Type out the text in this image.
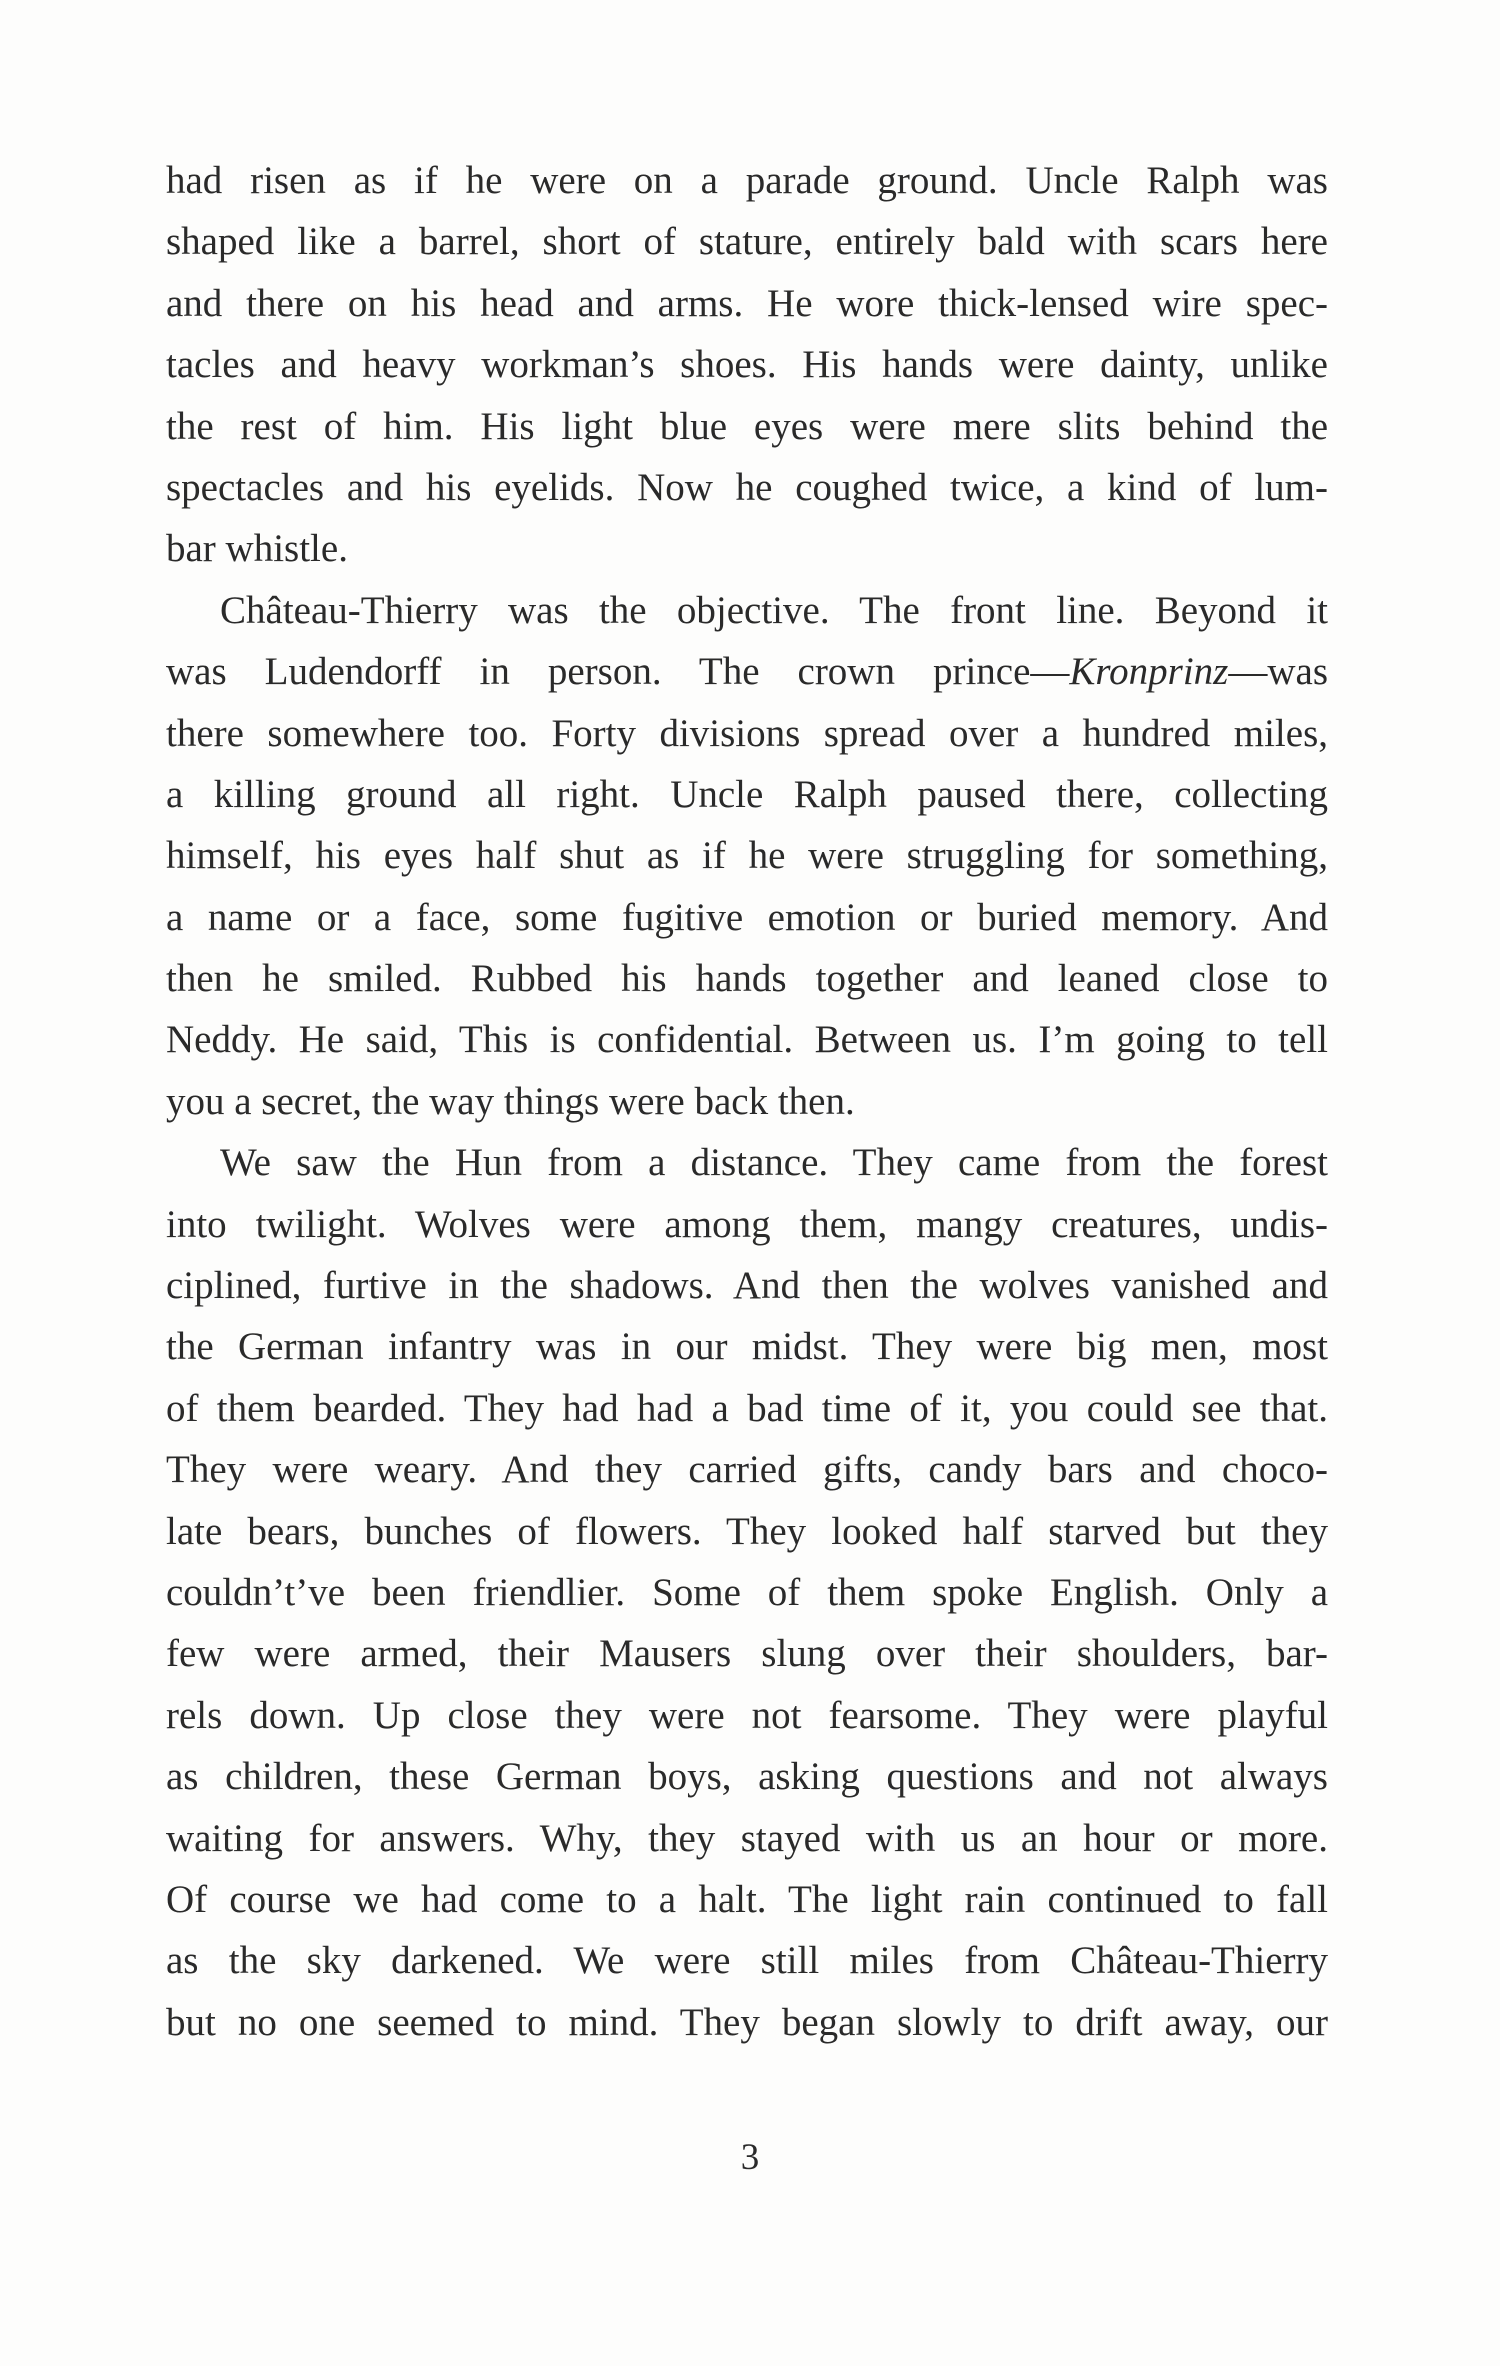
had risen as if he were on a parade ground. Uncle Ralph was
shaped like a barrel, short of stature, entirely bald with scars here
and there on his head and arms. He wore thick-lensed wire spec-
tacles and heavy workman’s shoes. His hands were dainty, unlike
the rest of him. His light blue eyes were mere slits behind the
spectacles and his eyelids. Now he coughed twice, a kind of lum-
bar whistle.
Château-Thierry was the objective. The front line. Beyond it
was Ludendorff in person. The crown prince—Kronprinz—was
there somewhere too. Forty divisions spread over a hundred miles,
a killing ground all right. Uncle Ralph paused there, collecting
himself, his eyes half shut as if he were struggling for something,
a name or a face, some fugitive emotion or buried memory. And
then he smiled. Rubbed his hands together and leaned close to
Neddy. He said, This is confidential. Between us. I’m going to tell
you a secret, the way things were back then.
We saw the Hun from a distance. They came from the forest
into twilight. Wolves were among them, mangy creatures, undis-
ciplined, furtive in the shadows. And then the wolves vanished and
the German infantry was in our midst. They were big men, most
of them bearded. They had had a bad time of it, you could see that.
They were weary. And they carried gifts, candy bars and choco-
late bears, bunches of flowers. They looked half starved but they
couldn’t’ve been friendlier. Some of them spoke English. Only a
few were armed, their Mausers slung over their shoulders, bar-
rels down. Up close they were not fearsome. They were playful
as children, these German boys, asking questions and not always
waiting for answers. Why, they stayed with us an hour or more.
Of course we had come to a halt. The light rain continued to fall
as the sky darkened. We were still miles from Château-Thierry
but no one seemed to mind. They began slowly to drift away, our
3
